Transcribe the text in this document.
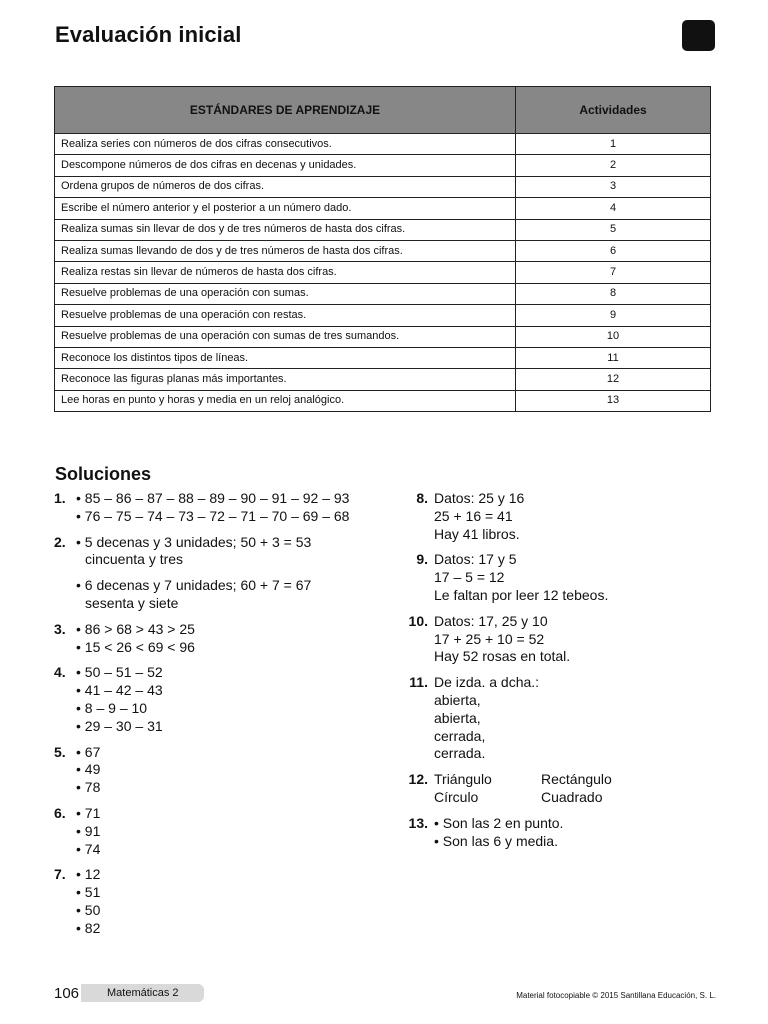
Evaluación inicial
ESTÁNDARES DE APRENDIZAJE	Actividades
Realiza series con números de dos cifras consecutivos.	1
Descompone números de dos cifras en decenas y unidades.	2
Ordena grupos de números de dos cifras.	3
Escribe el número anterior y el posterior a un número dado.	4
Realiza sumas sin llevar de dos y de tres números de hasta dos cifras.	5
Realiza sumas llevando de dos y de tres números de hasta dos cifras.	6
Realiza restas sin llevar de números de hasta dos cifras.	7
Resuelve problemas de una operación con sumas.	8
Resuelve problemas de una operación con restas.	9
Resuelve problemas de una operación con sumas de tres sumandos.	10
Reconoce los distintos tipos de líneas.	11
Reconoce las figuras planas más importantes.	12
Lee horas en punto y horas y media en un reloj analógico.	13
Soluciones
1. • 85 – 86 – 87 – 88 – 89 – 90 – 91 – 92 – 93
• 76 – 75 – 74 – 73 – 72 – 71 – 70 – 69 – 68
2. • 5 decenas y 3 unidades; 50 + 3 = 53
cincuenta y tres
• 6 decenas y 7 unidades; 60 + 7 = 67
sesenta y siete
3. • 86 > 68 > 43 > 25
• 15 < 26 < 69 < 96
4. • 50 – 51 – 52
• 41 – 42 – 43
• 8 – 9 – 10
• 29 – 30 – 31
5. • 67
• 49
• 78
6. • 71
• 91
• 74
7. • 12
• 51
• 50
• 82
8. Datos: 25 y 16
25 + 16 = 41
Hay 41 libros.
9. Datos: 17 y 5
17 – 5 = 12
Le faltan por leer 12 tebeos.
10. Datos: 17, 25 y 10
17 + 25 + 10 = 52
Hay 52 rosas en total.
11. De izda. a dcha.:
abierta,
abierta,
cerrada,
cerrada.
12. Triángulo	Rectángulo
Círculo	Cuadrado
13. • Son las 2 en punto.
• Son las 6 y media.
106	Matemáticas 2	Material fotocopiable © 2015 Santillana Educación, S. L.
